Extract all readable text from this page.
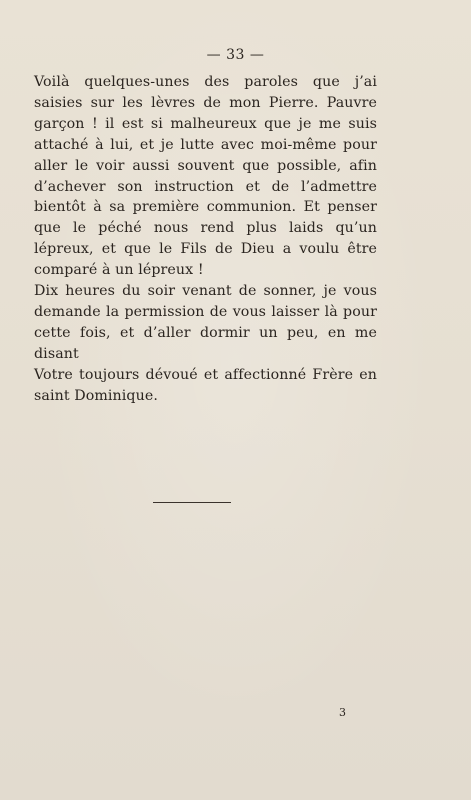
— 33 —

Voilà quelques-unes des paroles que j’ai saisies sur les lèvres de mon Pierre. Pauvre garçon ! il est si malheureux que je me suis attaché à lui, et je lutte avec moi-même pour aller le voir aussi souvent que possible, afin d’achever son instruction et de l’admettre bientôt à sa première communion. Et penser que le péché nous rend plus laids qu’un lépreux, et que le Fils de Dieu a voulu être comparé à un lépreux !

Dix heures du soir venant de sonner, je vous demande la permission de vous laisser là pour cette fois, et d’aller dormir un peu, en me disant

Votre toujours dévoué et affectionné Frère en saint Dominique.

3
